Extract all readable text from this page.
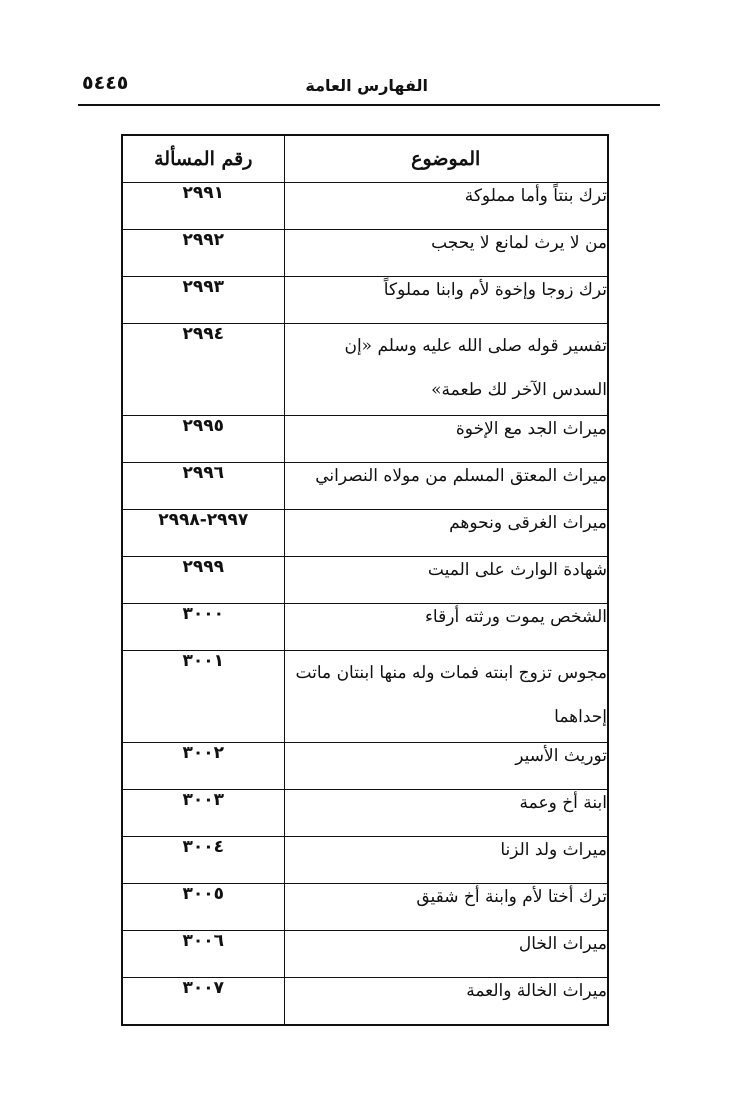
الفهارس العامة
٥٤٤٥
الموضوع	رقم المسألة
ترك بنتاً وأما مملوكة	٢٩٩١
من لا يرث لمانع لا يحجب	٢٩٩٢
ترك زوجا وإخوة لأم وابنا مملوكاً	٢٩٩٣
تفسير قوله صلى الله عليه وسلم «إن السدس الآخر لك طعمة»	٢٩٩٤
ميراث الجد مع الإخوة	٢٩٩٥
ميراث المعتق المسلم من مولاه النصراني	٢٩٩٦
ميراث الغرقى ونحوهم	٢٩٩٧-٢٩٩٨
شهادة الوارث على الميت	٢٩٩٩
الشخص يموت ورثته أرقاء	٣٠٠٠
مجوس تزوج ابنته فمات وله منها ابنتان ماتت إحداهما	٣٠٠١
توريث الأسير	٣٠٠٢
ابنة أخ وعمة	٣٠٠٣
ميراث ولد الزنا	٣٠٠٤
ترك أختا لأم وابنة أخ شقيق	٣٠٠٥
ميراث الخال	٣٠٠٦
ميراث الخالة والعمة	٣٠٠٧
